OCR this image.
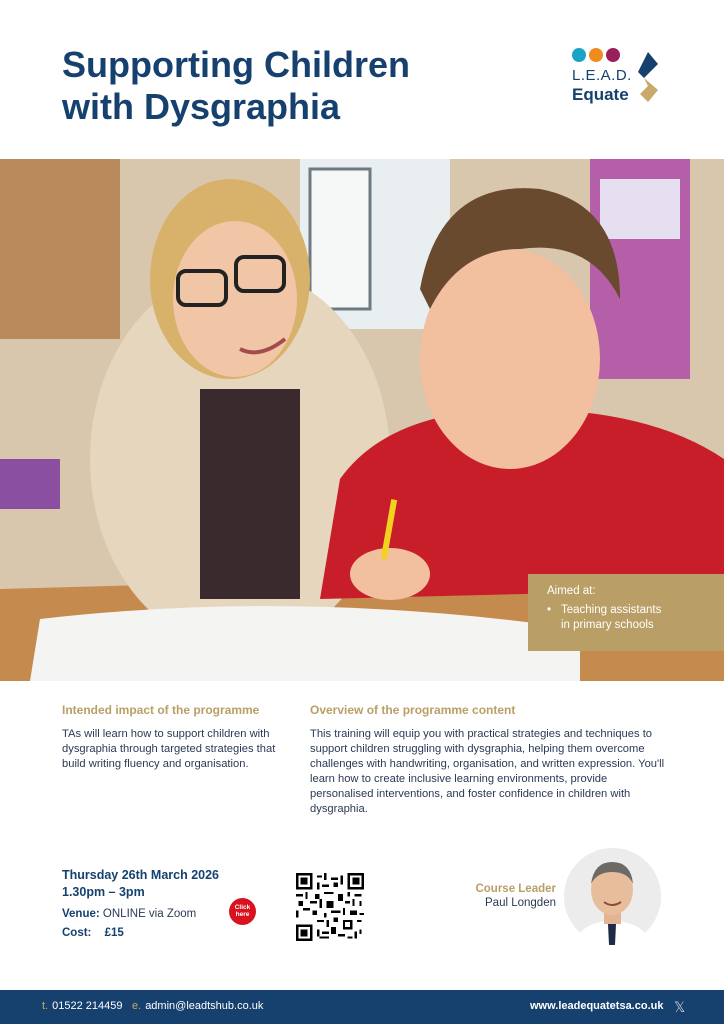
Supporting Children
with Dysgraphia
L.E.A.D.
Equate
Aimed at:
• Teaching assistants
in primary schools
Intended impact of the programme

TAs will learn how to support children with dysgraphia through targeted strategies that build writing fluency and organisation.

Overview of the programme content

This training will equip you with practical strategies and techniques to support children struggling with dysgraphia, helping them overcome challenges with handwriting, organisation, and written expression. You'll learn how to create inclusive learning environments, provide personalised interventions, and foster confidence in children with dysgraphia.

Thursday 26th March 2026
1.30pm – 3pm
Venue: ONLINE via Zoom
Cost: £15
Click
here
Course Leader
Paul Longden
t. 01522 214459 e. admin@leadtshub.co.uk	www.leadequatetsa.co.uk 𝕏
